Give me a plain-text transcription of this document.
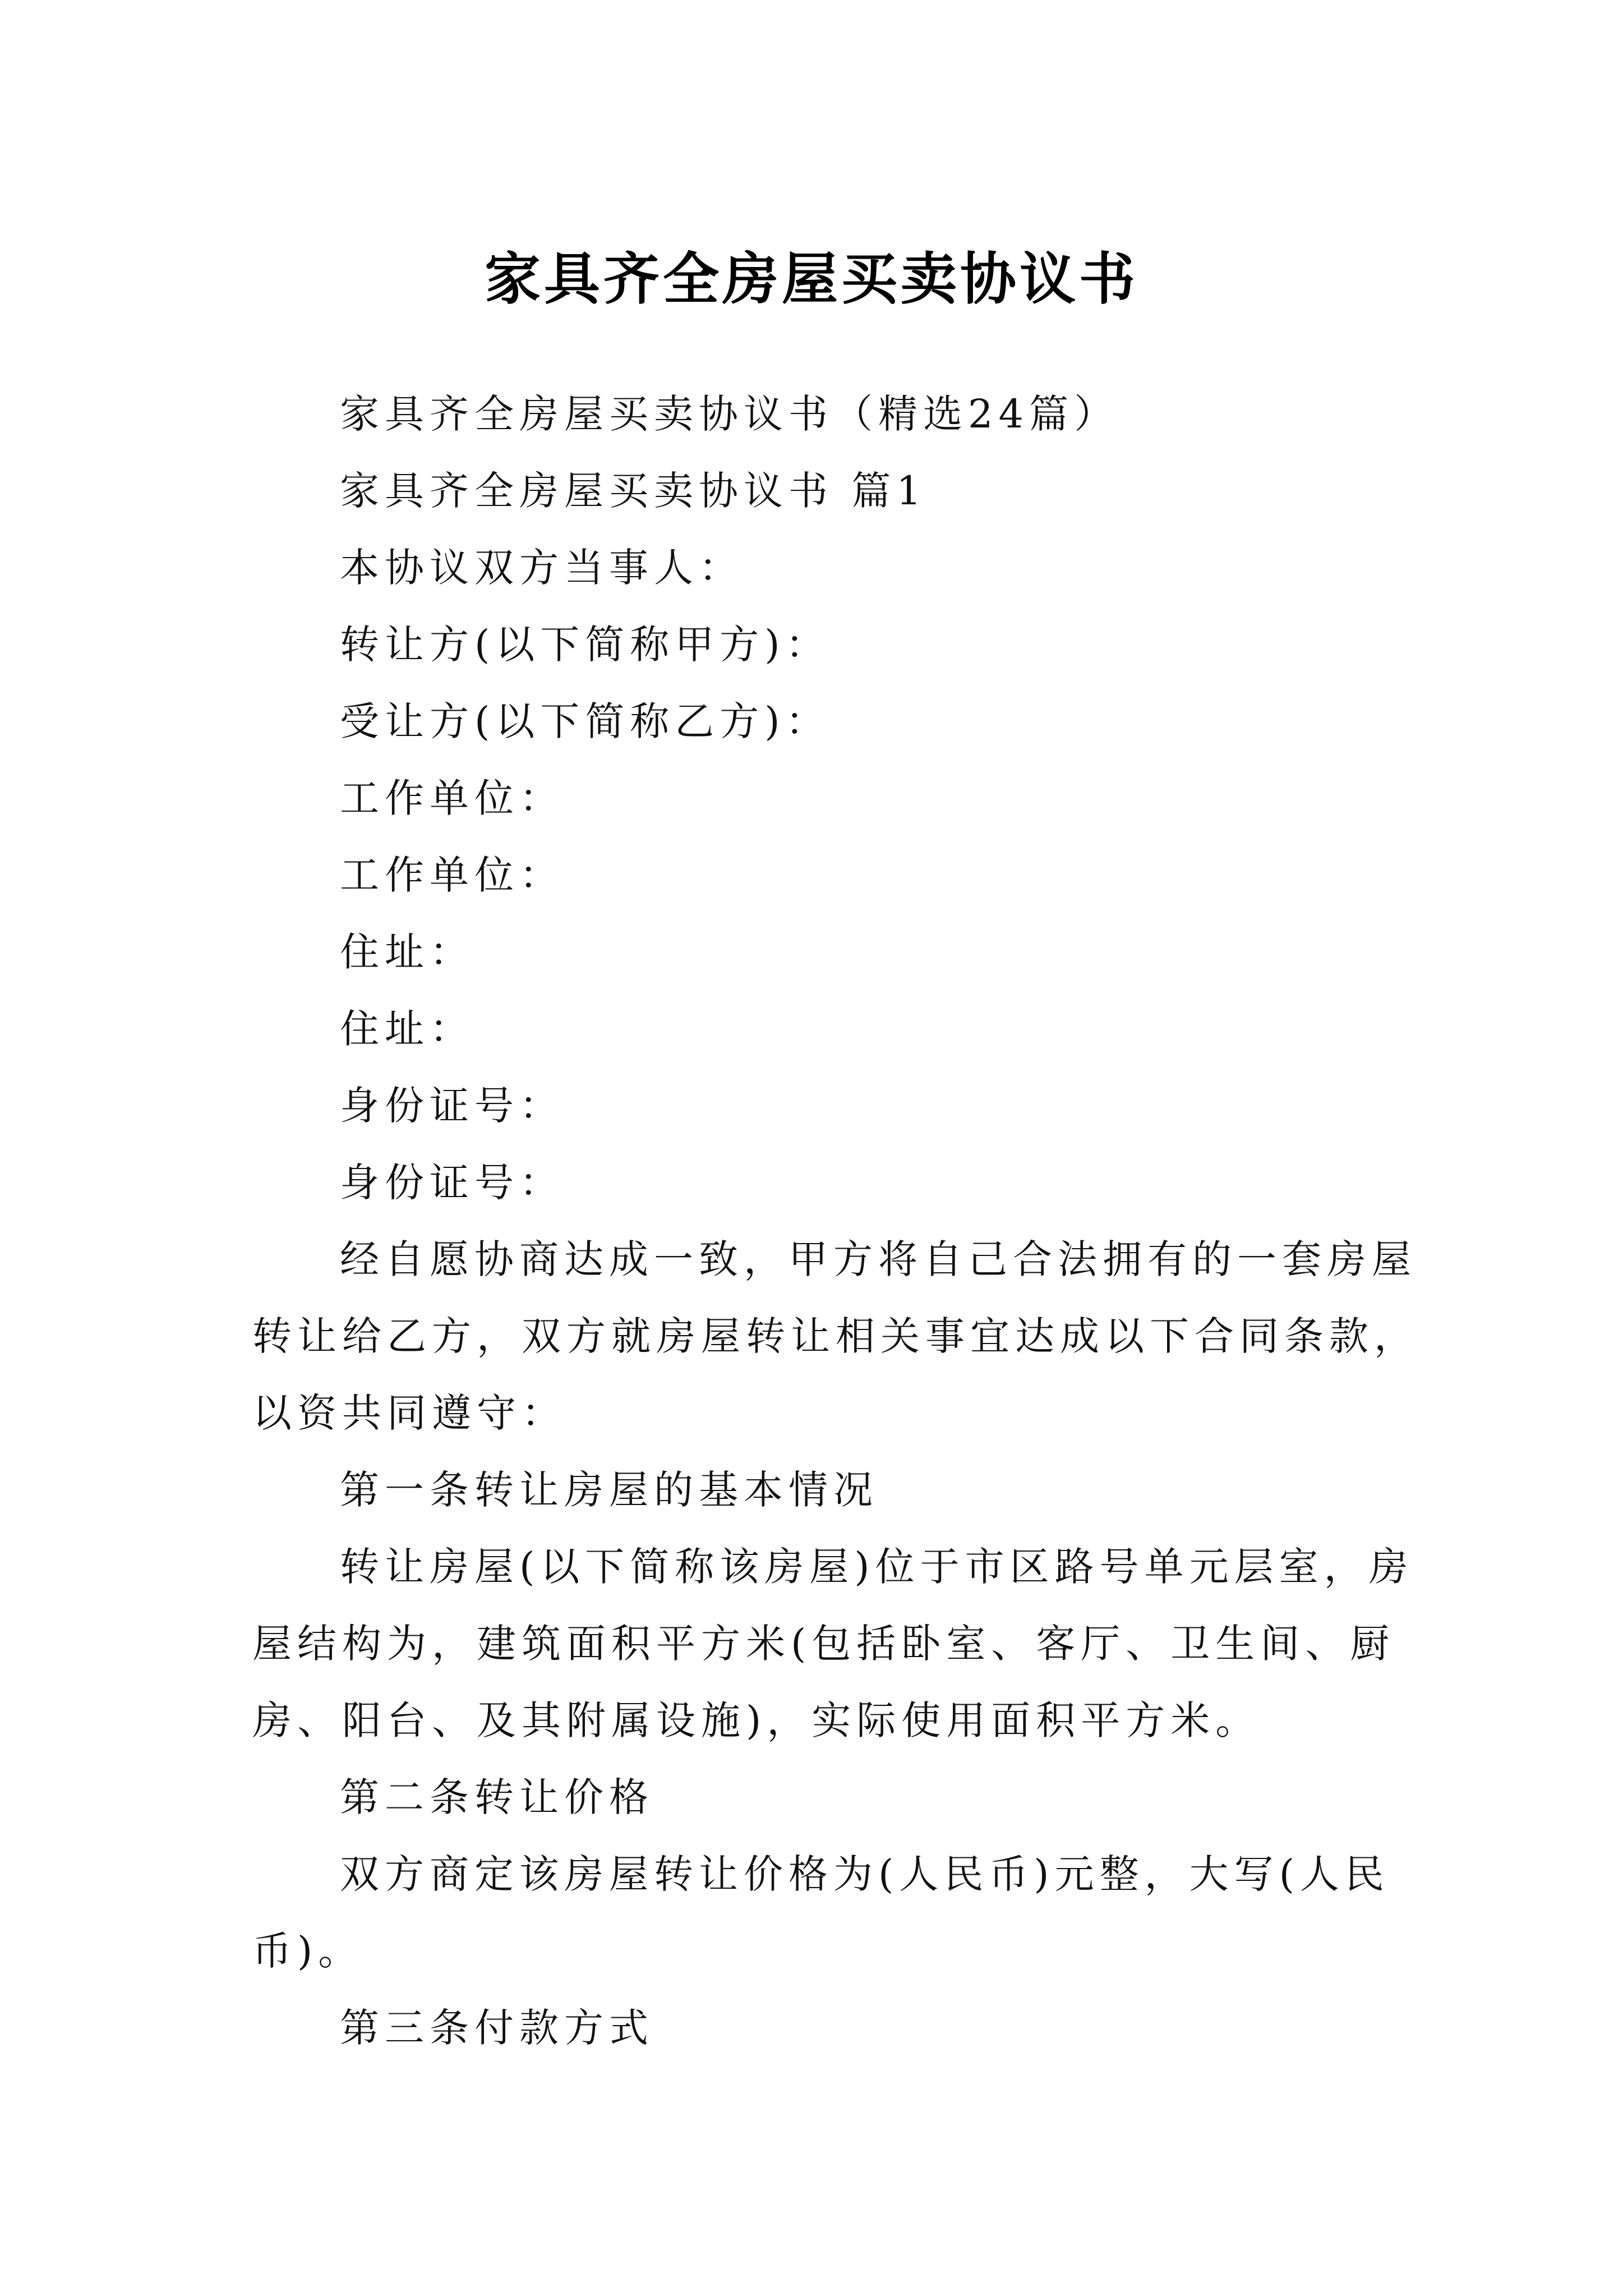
家具齐全房屋买卖协议书

家具齐全房屋买卖协议书（精选24篇）

家具齐全房屋买卖协议书 篇1

本协议双方当事人：

转让方(以下简称甲方)：

受让方(以下简称乙方)：

工作单位：

工作单位：

住址：

住址：

身份证号：

身份证号：

经自愿协商达成一致，甲方将自己合法拥有的一套房屋转让给乙方，双方就房屋转让相关事宜达成以下合同条款，以资共同遵守：

第一条转让房屋的基本情况

转让房屋(以下简称该房屋)位于市区路号单元层室，房屋结构为，建筑面积平方米(包括卧室、客厅、卫生间、厨房、阳台、及其附属设施)，实际使用面积平方米。

第二条转让价格

双方商定该房屋转让价格为(人民币)元整，大写(人民币)。

第三条付款方式
